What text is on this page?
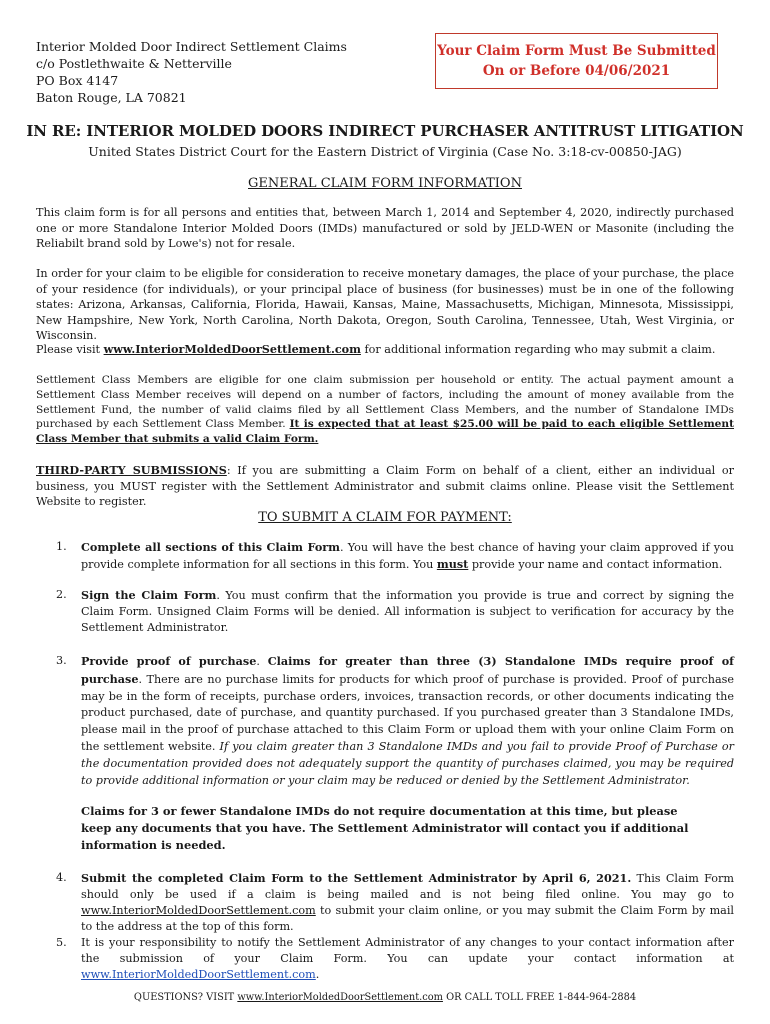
Interior Molded Door Indirect Settlement Claims
c/o Postlethwaite & Netterville
PO Box 4147
Baton Rouge, LA 70821
Your Claim Form Must Be Submitted
On or Before 04/06/2021
IN RE: INTERIOR MOLDED DOORS INDIRECT PURCHASER ANTITRUST LITIGATION
United States District Court for the Eastern District of Virginia (Case No. 3:18-cv-00850-JAG)
GENERAL CLAIM FORM INFORMATION
This claim form is for all persons and entities that, between March 1, 2014 and September 4, 2020, indirectly purchased one or more Standalone Interior Molded Doors (IMDs) manufactured or sold by JELD-WEN or Masonite (including the Reliabilt brand sold by Lowe's) not for resale.
In order for your claim to be eligible for consideration to receive monetary damages, the place of your purchase, the place of your residence (for individuals), or your principal place of business (for businesses) must be in one of the following states: Arizona, Arkansas, California, Florida, Hawaii, Kansas, Maine, Massachusetts, Michigan, Minnesota, Mississippi, New Hampshire, New York, North Carolina, North Dakota, Oregon, South Carolina, Tennessee, Utah, West Virginia, or Wisconsin.
Please visit www.InteriorMoldedDoorSettlement.com for additional information regarding who may submit a claim.
Settlement Class Members are eligible for one claim submission per household or entity. The actual payment amount a Settlement Class Member receives will depend on a number of factors, including the amount of money available from the Settlement Fund, the number of valid claims filed by all Settlement Class Members, and the number of Standalone IMDs purchased by each Settlement Class Member. It is expected that at least $25.00 will be paid to each eligible Settlement Class Member that submits a valid Claim Form.
THIRD-PARTY SUBMISSIONS: If you are submitting a Claim Form on behalf of a client, either an individual or business, you MUST register with the Settlement Administrator and submit claims online. Please visit the Settlement Website to register.
TO SUBMIT A CLAIM FOR PAYMENT:
1. Complete all sections of this Claim Form. You will have the best chance of having your claim approved if you provide complete information for all sections in this form. You must provide your name and contact information.
2. Sign the Claim Form. You must confirm that the information you provide is true and correct by signing the Claim Form. Unsigned Claim Forms will be denied. All information is subject to verification for accuracy by the Settlement Administrator.
3. Provide proof of purchase. Claims for greater than three (3) Standalone IMDs require proof of purchase. There are no purchase limits for products for which proof of purchase is provided. Proof of purchase may be in the form of receipts, purchase orders, invoices, transaction records, or other documents indicating the product purchased, date of purchase, and quantity purchased. If you purchased greater than 3 Standalone IMDs, please mail in the proof of purchase attached to this Claim Form or upload them with your online Claim Form on the settlement website. If you claim greater than 3 Standalone IMDs and you fail to provide Proof of Purchase or the documentation provided does not adequately support the quantity of purchases claimed, you may be required to provide additional information or your claim may be reduced or denied by the Settlement Administrator.
Claims for 3 or fewer Standalone IMDs do not require documentation at this time, but please keep any documents that you have. The Settlement Administrator will contact you if additional information is needed.
4. Submit the completed Claim Form to the Settlement Administrator by April 6, 2021. This Claim Form should only be used if a claim is being mailed and is not being filed online. You may go to www.InteriorMoldedDoorSettlement.com to submit your claim online, or you may submit the Claim Form by mail to the address at the top of this form.
5. It is your responsibility to notify the Settlement Administrator of any changes to your contact information after the submission of your Claim Form. You can update your contact information at www.InteriorMoldedDoorSettlement.com.
QUESTIONS? VISIT www.InteriorMoldedDoorSettlement.com OR CALL TOLL FREE 1-844-964-2884
